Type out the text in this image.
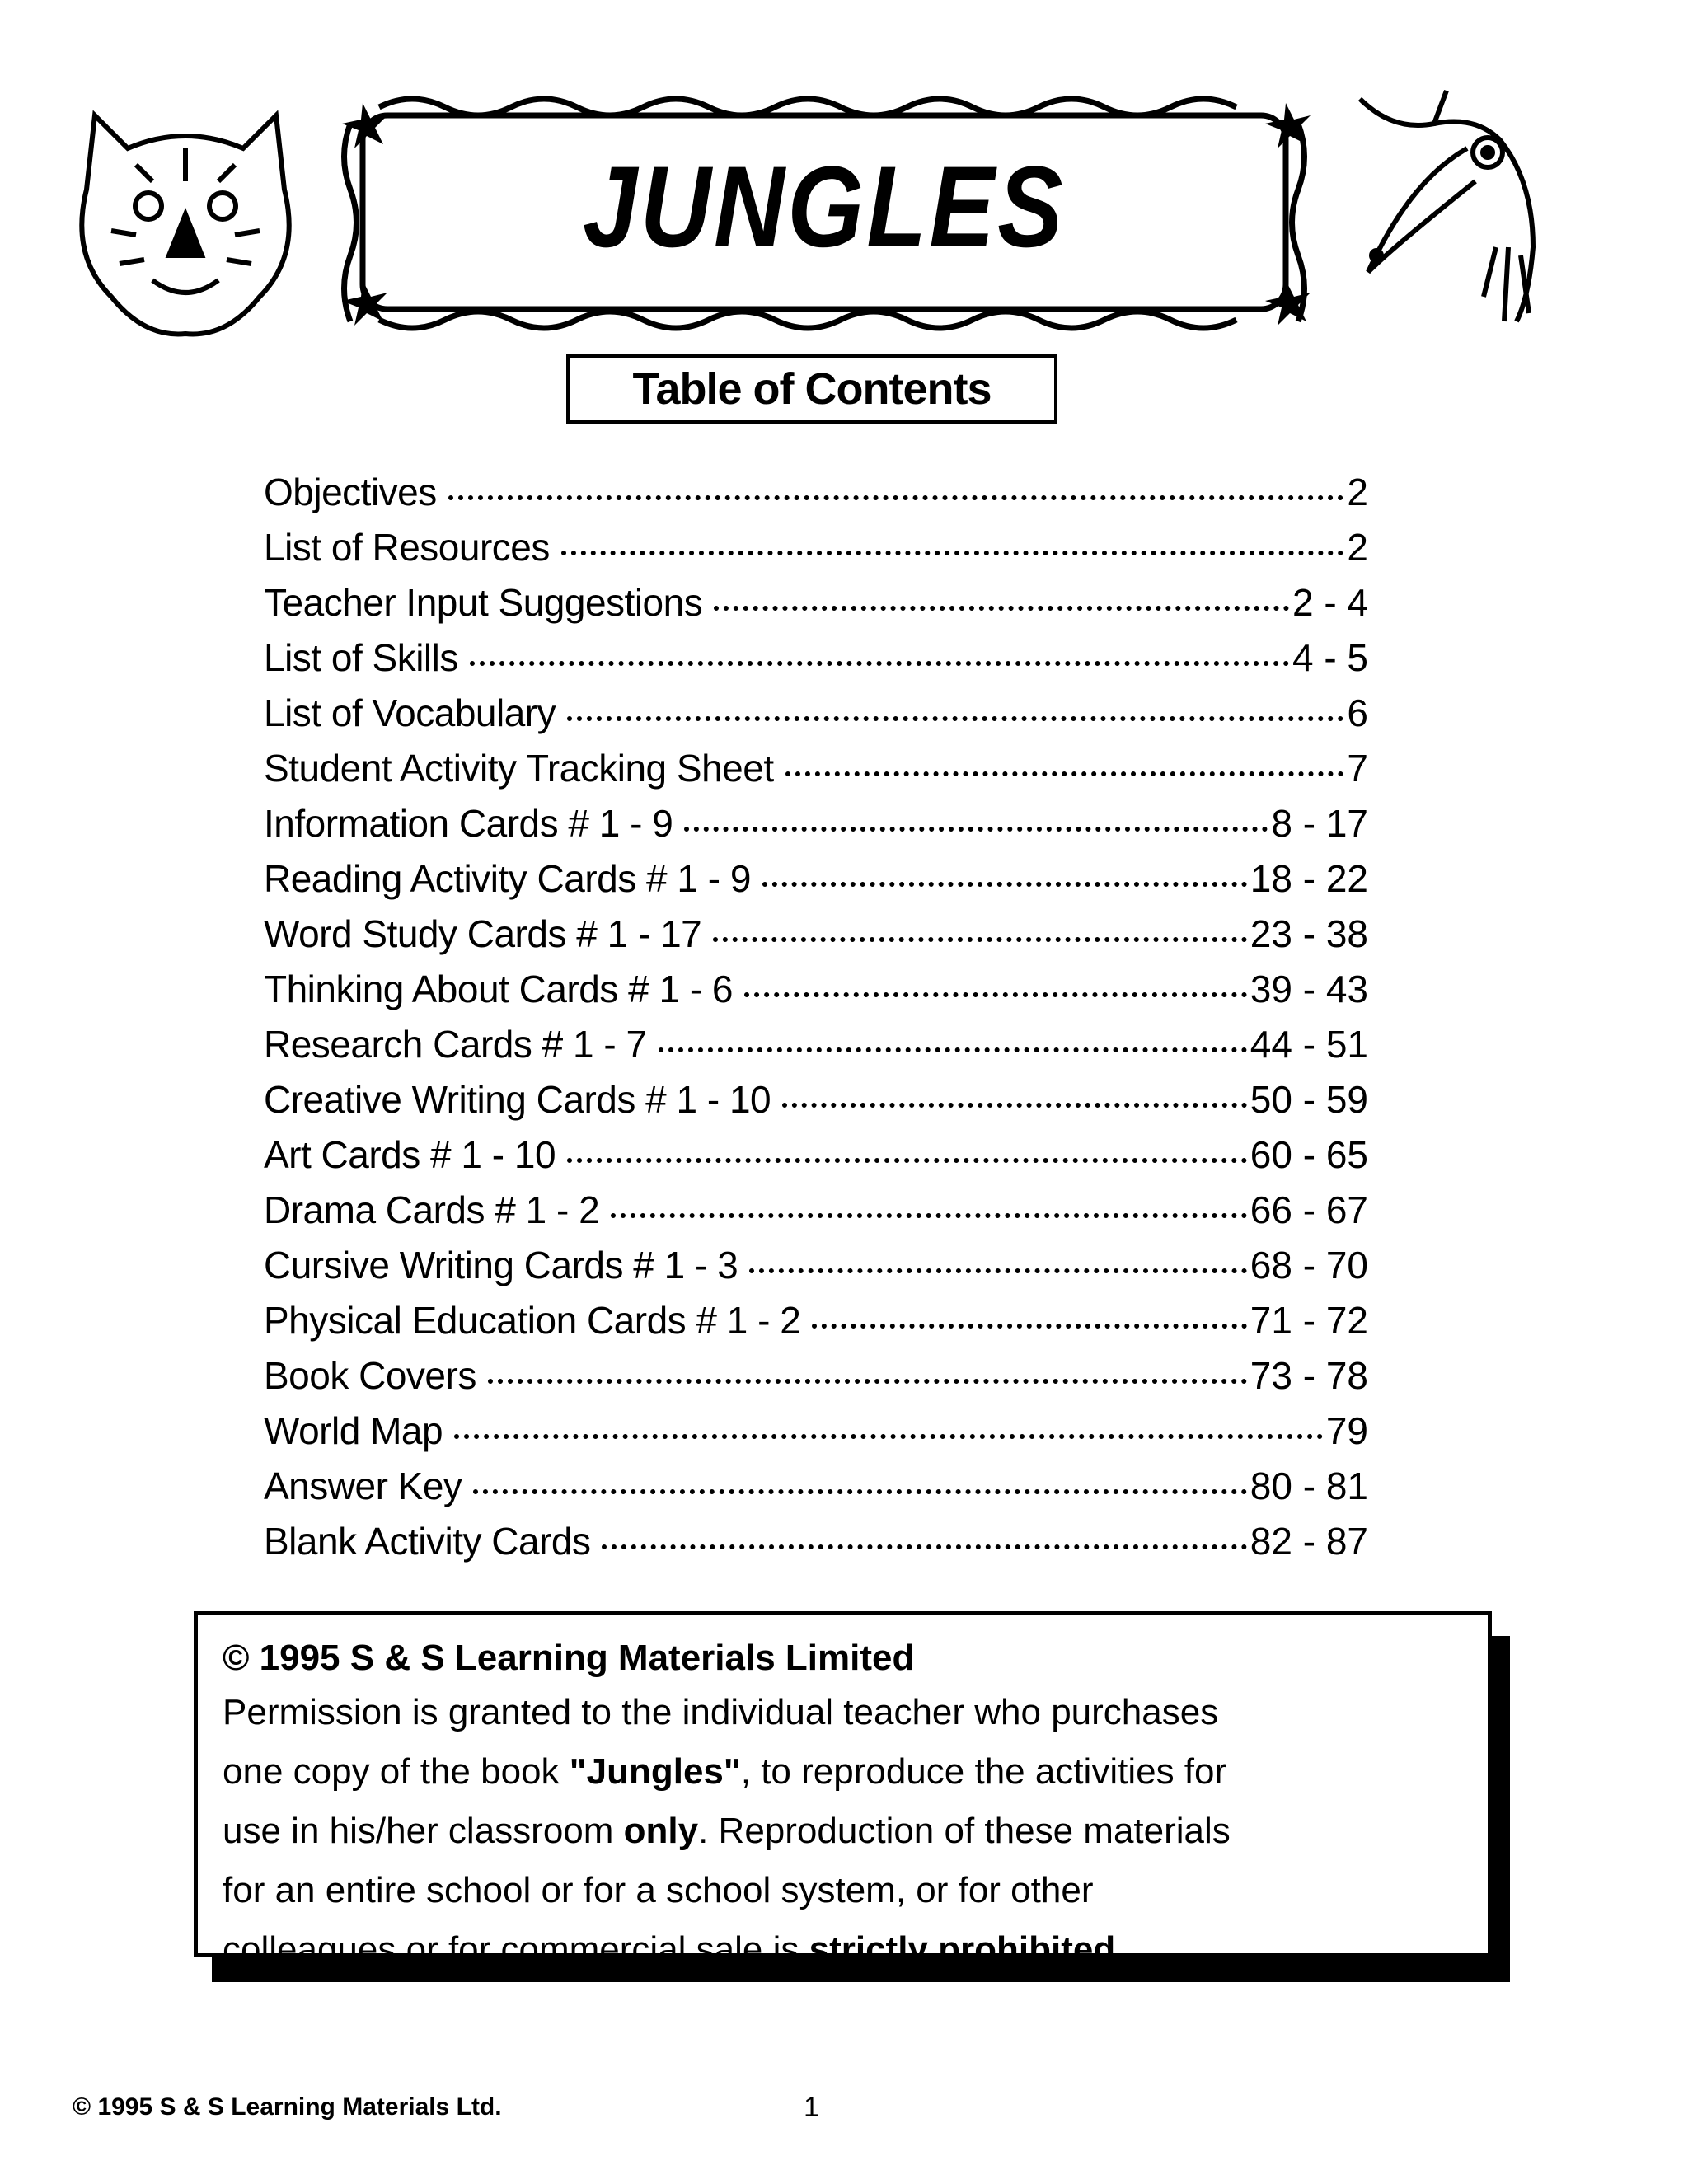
JUNGLES
Table of Contents
Objectives	2
List of Resources	2
Teacher Input Suggestions	2 - 4
List of Skills	4 - 5
List of Vocabulary	6
Student Activity Tracking Sheet	7
Information Cards # 1 - 9	8 - 17
Reading Activity Cards # 1 - 9	18 - 22
Word Study Cards # 1 - 17	23 - 38
Thinking About Cards # 1 - 6	39 - 43
Research Cards # 1 - 7	44 - 51
Creative Writing Cards # 1 - 10	50 - 59
Art Cards # 1 - 10	60 - 65
Drama Cards # 1 - 2	66 - 67
Cursive Writing Cards # 1 - 3	68 - 70
Physical Education Cards # 1 - 2	71 - 72
Book Covers	73 - 78
World Map	79
Answer Key	80 - 81
Blank Activity Cards	82 - 87
© 1995 S & S Learning Materials Limited
Permission is granted to the individual teacher who purchases
one copy of the book "Jungles", to reproduce the activities for
use in his/her classroom only. Reproduction of these materials
for an entire school or for a school system, or for other
colleagues or for commercial sale is strictly prohibited.
© 1995 S & S Learning Materials Ltd.	1
